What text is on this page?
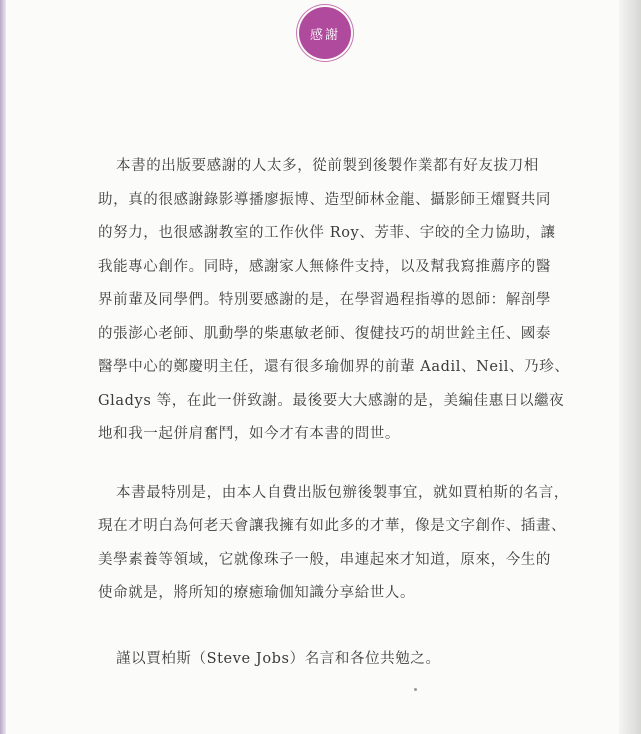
感謝

本書的出版要感謝的人太多，從前製到後製作業都有好友拔刀相

助，真的很感謝錄影導播廖振博、造型師林金龍、攝影師王燿賢共同

的努力，也很感謝教室的工作伙伴 Roy、芳菲、宇皎的全力協助，讓

我能專心創作。同時，感謝家人無條件支持，以及幫我寫推薦序的醫

界前輩及同學們。特別要感謝的是，在學習過程指導的恩師：解剖學

的張澎心老師、肌動學的柴惠敏老師、復健技巧的胡世銓主任、國泰

醫學中心的鄭慶明主任，還有很多瑜伽界的前輩 Aadil、Neil、乃珍、

Gladys 等，在此一併致謝。最後要大大感謝的是，美編佳惠日以繼夜

地和我一起併肩奮鬥，如今才有本書的問世。

本書最特別是，由本人自費出版包辦後製事宜，就如賈柏斯的名言，

現在才明白為何老天會讓我擁有如此多的才華，像是文字創作、插畫、

美學素養等領域，它就像珠子一般，串連起來才知道，原來，今生的

使命就是，將所知的療癒瑜伽知識分享給世人。

謹以賈柏斯（Steve Jobs）名言和各位共勉之。
